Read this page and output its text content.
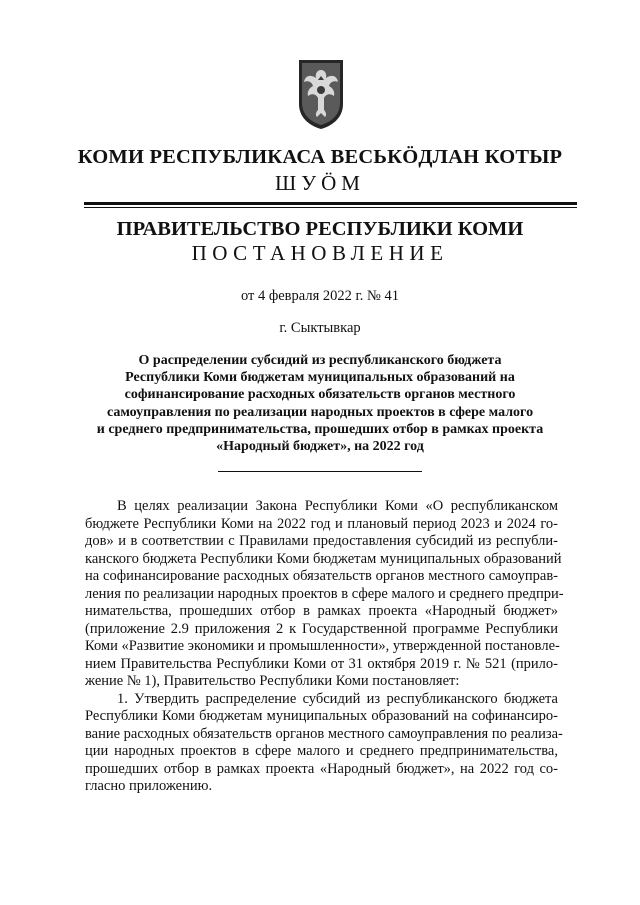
КОМИ РЕСПУБЛИКАСА ВЕСЬКӦДЛАН КОТЫР
ШУӦМ
ПРАВИТЕЛЬСТВО РЕСПУБЛИКИ КОМИ
ПОСТАНОВЛЕНИЕ
от 4 февраля 2022 г. № 41
г. Сыктывкар
О распределении субсидий из республиканского бюджета
Республики Коми бюджетам муниципальных образований на
софинансирование расходных обязательств органов местного
самоуправления по реализации народных проектов в сфере малого
и среднего предпринимательства, прошедших отбор в рамках проекта
«Народный бюджет», на 2022 год
В целях реализации Закона Республики Коми «О республиканском
бюджете Республики Коми на 2022 год и плановый период 2023 и 2024 го-
дов» и в соответствии с Правилами предоставления субсидий из республи-
канского бюджета Республики Коми бюджетам муниципальных образований
на софинансирование расходных обязательств органов местного самоуправ-
ления по реализации народных проектов в сфере малого и среднего предпри-
нимательства, прошедших отбор в рамках проекта «Народный бюджет»
(приложение 2.9 приложения 2 к Государственной программе Республики
Коми «Развитие экономики и промышленности», утвержденной постановле-
нием Правительства Республики Коми от 31 октября 2019 г. № 521 (прило-
жение № 1), Правительство Республики Коми постановляет:
1. Утвердить распределение субсидий из республиканского бюджета
Республики Коми бюджетам муниципальных образований на софинансиро-
вание расходных обязательств органов местного самоуправления по реализа-
ции народных проектов в сфере малого и среднего предпринимательства,
прошедших отбор в рамках проекта «Народный бюджет», на 2022 год со-
гласно приложению.
